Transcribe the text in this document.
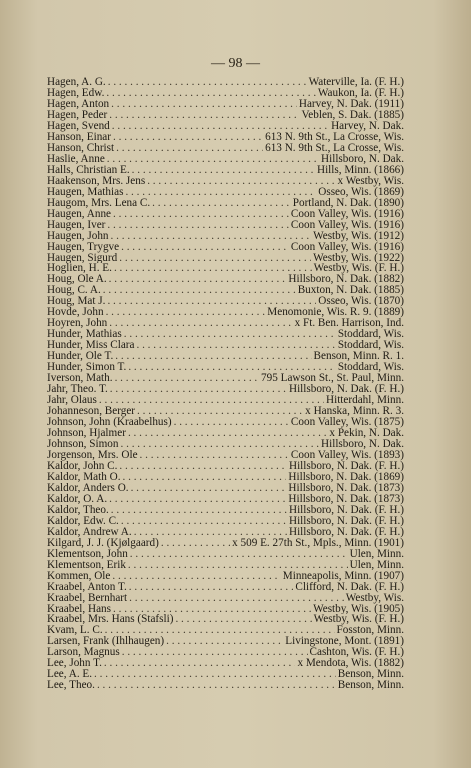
— 98 —
Hagen, A. G. . . .	Waterville, Ia. (F. H.)
Hagen, Edw. . . .	Waukon, Ia. (F. H.)
Hagen, Anton . . .	Harvey, N. Dak. (1911)
Hagen, Peder . . .	Veblen, S. Dak. (1885)
Hagen, Svend . . .	Harvey, N. Dak.
Hanson, Einar . . .	613 N. 9th St., La Crosse, Wis.
Hanson, Christ . . .	613 N. 9th St., La Crosse, Wis.
Haslie, Anne . . .	Hillsboro, N. Dak.
Halls, Christian E. . . .	Hills, Minn. (1866)
Haakenson, Mrs. Jens . . .	x Westby, Wis.
Haugen, Mathias . . .	Osseo, Wis. (1869)
Haugom, Mrs. Lena C. . . .	Portland, N. Dak. (1890)
Haugen, Anne . . .	Coon Valley, Wis. (1916)
Haugen, Iver . . .	Coon Valley, Wis. (1916)
Haugen, John . . .	Westby, Wis. (1912)
Haugen, Trygve . . .	Coon Valley, Wis. (1916)
Haugen, Sigurd . . .	Westby, Wis. (1922)
Hoglien, H. E. . . .	Westby, Wis. (F. H.)
Houg, Ole A. . . .	Hillsboro, N. Dak. (1882)
Houg, C. A. . . .	Buxton, N. Dak. (1885)
Houg, Mat J. . . .	Osseo, Wis. (1870)
Hovde, John . . .	Menomonie, Wis. R. 9. (1889)
Hoyren, John . . .	x Ft. Ben. Harrison, Ind.
Hunder, Mathias . . .	Stoddard, Wis.
Hunder, Miss Clara . . .	Stoddard, Wis.
Hunder, Ole T. . . .	Benson, Minn. R. 1.
Hunder, Simon T. . . .	Stoddard, Wis.
Iverson, Math. . . .	795 Lawson St., St. Paul, Minn.
Jahr, Theo. T. . . .	Hillsboro, N. Dak. (F. H.)
Jahr, Olaus . . .	Hitterdahl, Minn.
Johanneson, Berger . . .	x Hanska, Minn. R. 3.
Johnson, John (Kraabelhus) . . .	Coon Valley, Wis. (1875)
Johnson, Hjalmer . . .	x Pekin, N. Dak.
Johnson, Simon . . .	Hillsboro, N. Dak.
Jorgenson, Mrs. Ole . . .	Coon Valley, Wis. (1893)
Kaldor, John C. . . .	Hillsboro, N. Dak. (F. H.)
Kaldor, Math O. . . .	Hillsboro, N. Dak. (1869)
Kaldor, Anders O. . . .	Hillsboro, N. Dak. (1873)
Kaldor, O. A. . . .	Hillsboro, N. Dak. (1873)
Kaldor, Theo. . . .	Hillsboro, N. Dak. (F. H.)
Kaldor, Edw. C. . . .	Hillsboro, N. Dak. (F. H.)
Kaldor, Andrew A. . . .	Hillsboro, N. Dak. (F. H.)
Kilgard, J. J. (Kjølgaard) . . .	x 509 E. 27th St., Mpls., Minn. (1901)
Klementson, John . . .	Ulen, Minn.
Klementson, Erik . . .	Ulen, Minn.
Kommen, Ole . . .	Minneapolis, Minn. (1907)
Kraabel, Anton T. . . .	Clifford, N. Dak. (F. H.)
Kraabel, Bernhart . . .	Westby, Wis.
Kraabel, Hans . . .	Westby, Wis. (1905)
Kraabel, Mrs. Hans (Stafsli) . . .	Westby, Wis. (F. H.)
Kvam, L. C. . . .	Fosston, Minn.
Larsen, Frank (Ihlhaugen) . . .	Livingstone, Mont. (1891)
Larson, Magnus . . .	Cashton, Wis. (F. H.)
Lee, John T. . . .	x Mendota, Wis. (1882)
Lee, A. E. . . .	Benson, Minn.
Lee, Theo. . . .	Benson, Minn.
